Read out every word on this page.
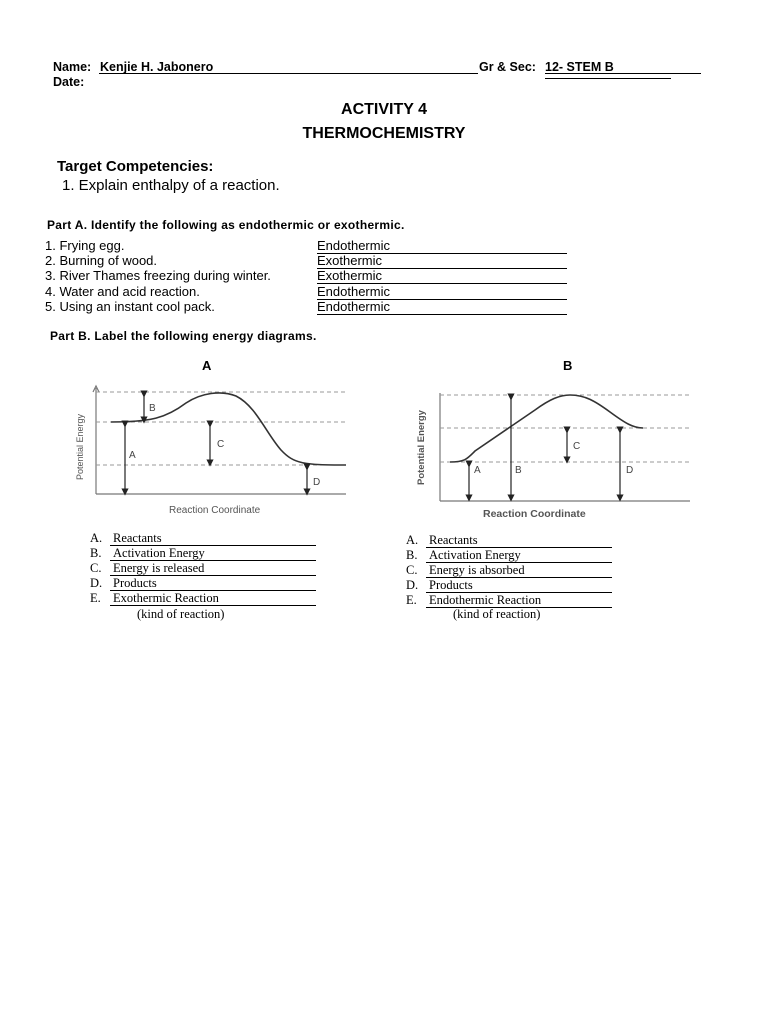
Name: Kenjie H. Jabonero	Gr & Sec: 12- STEM B
Date:
ACTIVITY 4
THERMOCHEMISTRY
Target Competencies:
1. Explain enthalpy of a reaction.
Part A. Identify the following as endothermic or exothermic.
1. Frying egg.	Endothermic
2. Burning of wood.	Exothermic
3. River Thames freezing during winter.	Exothermic
4. Water and acid reaction.	Endothermic
5. Using an instant cool pack.	Endothermic
Part B. Label the following energy diagrams.
A	B
B
A
C
D
Potential Energy
Reaction Coordinate
A	B
C
D
Potential Energy
Reaction Coordinate
A. Reactants
B. Activation Energy
C. Energy is released
D. Products
E. Exothermic Reaction
(kind of reaction)
A. Reactants
B. Activation Energy
C. Energy is absorbed
D. Products
E. Endothermic Reaction
(kind of reaction)
